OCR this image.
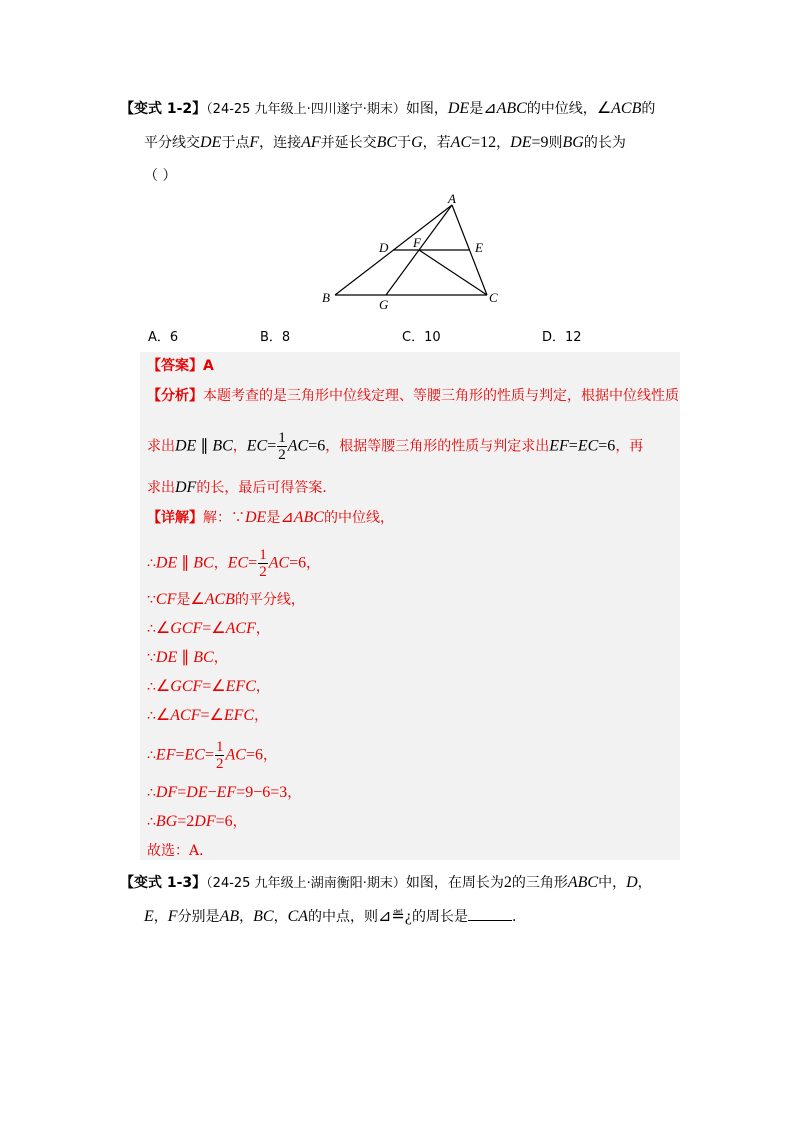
【变式 1-2】（24-25 九年级上·四川遂宁·期末）如图，DE是⊿ABC的中位线，∠ACB的
平分线交DE于点F，连接AF并延长交BC于G，若AC=12，DE=9则BG的长为
（ ）
A
D F	E
B	G	C
A．6	B．8	C．10	D．12
【答案】A
【分析】本题考查的是三角形中位线定理、等腰三角形的性质与判定，根据中位线性质
求出DE ∥ BC，$EC= \frac{1}{2} AC=6$，根据等腰三角形的性质与判定求出EF=EC=6，再
求出DF的长，最后可得答案．
【详解】解：∵DE是⊿ABC的中位线，
∴DE ∥ BC，$EC= \frac{1}{2} AC=6$，
∵CF是∠ACB的平分线，
∴∠GCF=∠ACF，
∵DE ∥ BC，
∴∠GCF=∠EFC，
∴∠ACF=∠EFC，
∴EF=EC= $\frac{1}{2} AC=6$，
∴DF=DE−EF=9−6=3，
∴BG=2DF=6，
故选：A．
【变式 1-3】（24-25 九年级上·湖南衡阳·期末）如图，在周长为2的三角形ABC中，D，
E，F分别是AB，BC，CA的中点，则⊿≝¿的周长是	．
